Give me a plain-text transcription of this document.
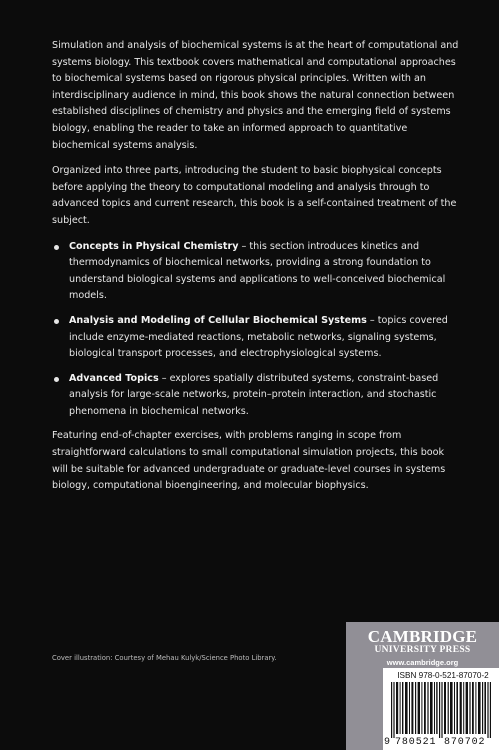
Simulation and analysis of biochemical systems is at the heart of computational and systems biology. This textbook covers mathematical and computational approaches to biochemical systems based on rigorous physical principles. Written with an interdisciplinary audience in mind, this book shows the natural connection between established disciplines of chemistry and physics and the emerging field of systems biology, enabling the reader to take an informed approach to quantitative biochemical systems analysis.

Organized into three parts, introducing the student to basic biophysical concepts before applying the theory to computational modeling and analysis through to advanced topics and current research, this book is a self-contained treatment of the subject.

Concepts in Physical Chemistry – this section introduces kinetics and thermodynamics of biochemical networks, providing a strong foundation to understand biological systems and applications to well-conceived biochemical models.
Analysis and Modeling of Cellular Biochemical Systems – topics covered include enzyme-mediated reactions, metabolic networks, signaling systems, biological transport processes, and electrophysiological systems.
Advanced Topics – explores spatially distributed systems, constraint-based analysis for large-scale networks, protein–protein interaction, and stochastic phenomena in biochemical networks.

Featuring end-of-chapter exercises, with problems ranging in scope from straightforward calculations to small computational simulation projects, this book will be suitable for advanced undergraduate or graduate-level courses in systems biology, computational bioengineering, and molecular biophysics.

Cover illustration: Courtesy of Mehau Kulyk/Science Photo Library.
CAMBRIDGE
UNIVERSITY PRESS
www.cambridge.org
ISBN 978-0-521-87070-2
9 780521 870702
